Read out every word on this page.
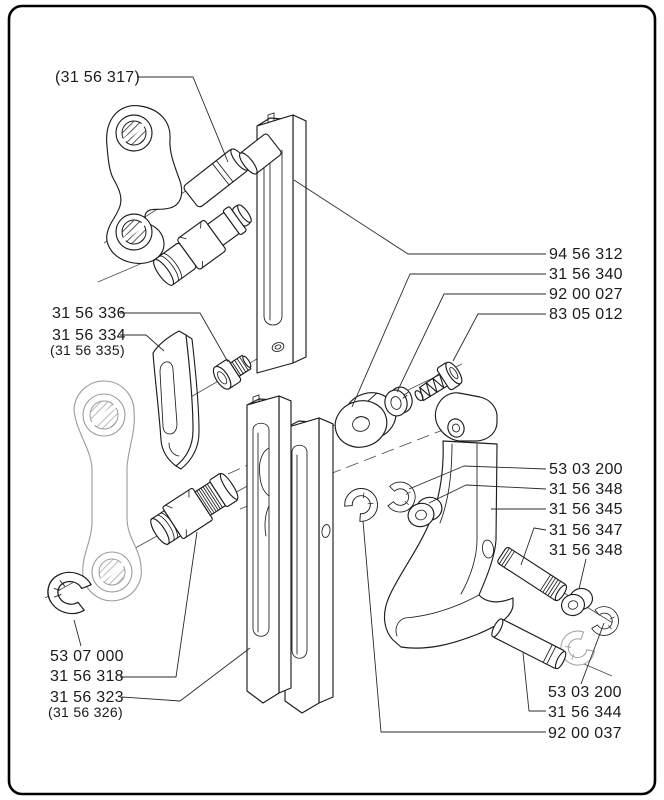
(31 56 317)
94 56 312
31 56 340
92 00 027
83 05 012
31 56 336
31 56 334
(31 56 335)
53 03 200
31 56 348
31 56 345
31 56 347
31 56 348
53 07 000
31 56 318
31 56 323
(31 56 326)
53 03 200
31 56 344
92 00 037
